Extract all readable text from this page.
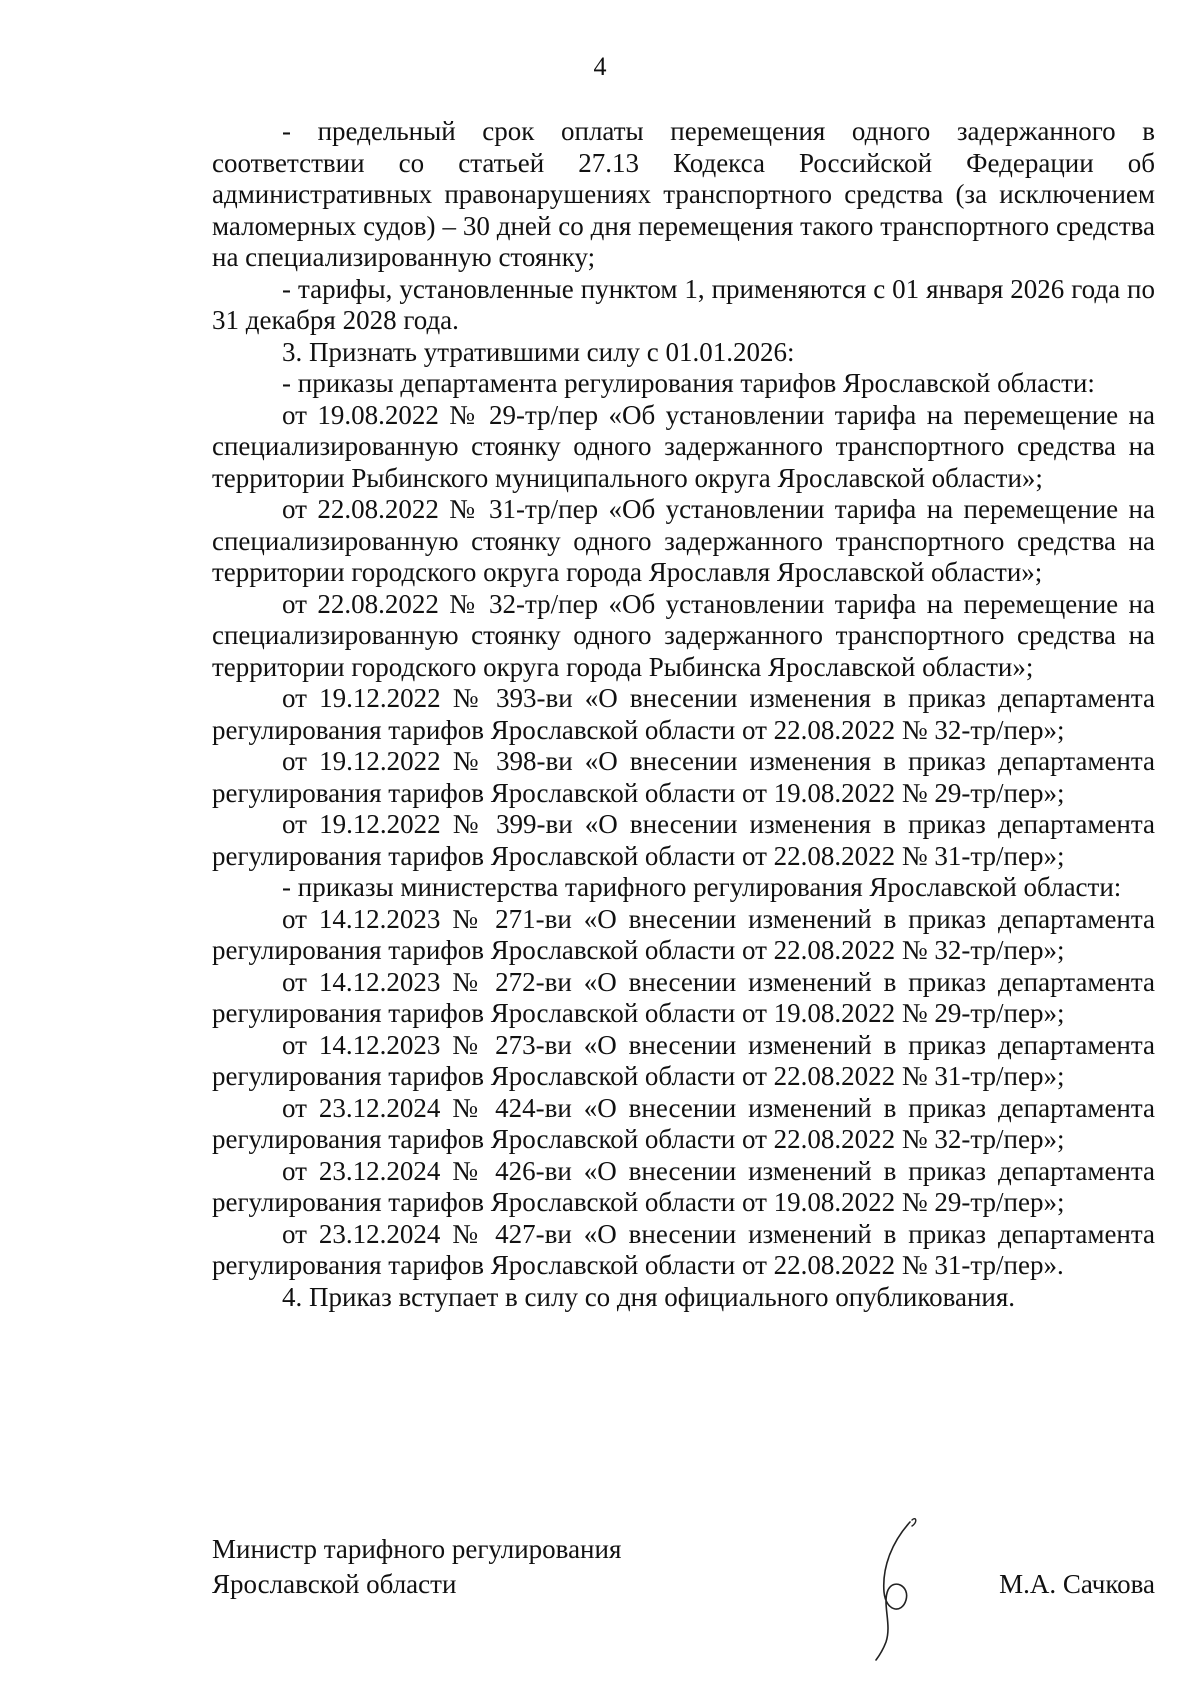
4

- предельный срок оплаты перемещения одного задержанного в соответствии со статьей 27.13 Кодекса Российской Федерации об административных правонарушениях транспортного средства (за исключением маломерных судов) – 30 дней со дня перемещения такого транспортного средства на специализированную стоянку;

- тарифы, установленные пунктом 1, применяются с 01 января 2026 года по 31 декабря 2028 года.

3. Признать утратившими силу с 01.01.2026:

- приказы департамента регулирования тарифов Ярославской области:

от 19.08.2022 № 29-тр/пер «Об установлении тарифа на перемещение на специализированную стоянку одного задержанного транспортного средства на территории Рыбинского муниципального округа Ярославской области»;

от 22.08.2022 № 31-тр/пер «Об установлении тарифа на перемещение на специализированную стоянку одного задержанного транспортного средства на территории городского округа города Ярославля Ярославской области»;

от 22.08.2022 № 32-тр/пер «Об установлении тарифа на перемещение на специализированную стоянку одного задержанного транспортного средства на территории городского округа города Рыбинска Ярославской области»;

от 19.12.2022 № 393-ви «О внесении изменения в приказ департамента регулирования тарифов Ярославской области от 22.08.2022 № 32-тр/пер»;

от 19.12.2022 № 398-ви «О внесении изменения в приказ департамента регулирования тарифов Ярославской области от 19.08.2022 № 29-тр/пер»;

от 19.12.2022 № 399-ви «О внесении изменения в приказ департамента регулирования тарифов Ярославской области от 22.08.2022 № 31-тр/пер»;

- приказы министерства тарифного регулирования Ярославской области:

от 14.12.2023 № 271-ви «О внесении изменений в приказ департамента регулирования тарифов Ярославской области от 22.08.2022 № 32-тр/пер»;

от 14.12.2023 № 272-ви «О внесении изменений в приказ департамента регулирования тарифов Ярославской области от 19.08.2022 № 29-тр/пер»;

от 14.12.2023 № 273-ви «О внесении изменений в приказ департамента регулирования тарифов Ярославской области от 22.08.2022 № 31-тр/пер»;

от 23.12.2024 № 424-ви «О внесении изменений в приказ департамента регулирования тарифов Ярославской области от 22.08.2022 № 32-тр/пер»;

от 23.12.2024 № 426-ви «О внесении изменений в приказ департамента регулирования тарифов Ярославской области от 19.08.2022 № 29-тр/пер»;

от 23.12.2024 № 427-ви «О внесении изменений в приказ департамента регулирования тарифов Ярославской области от 22.08.2022 № 31-тр/пер».

4. Приказ вступает в силу со дня официального опубликования.

Министр тарифного регулирования
Ярославской области	М.А. Сачкова
